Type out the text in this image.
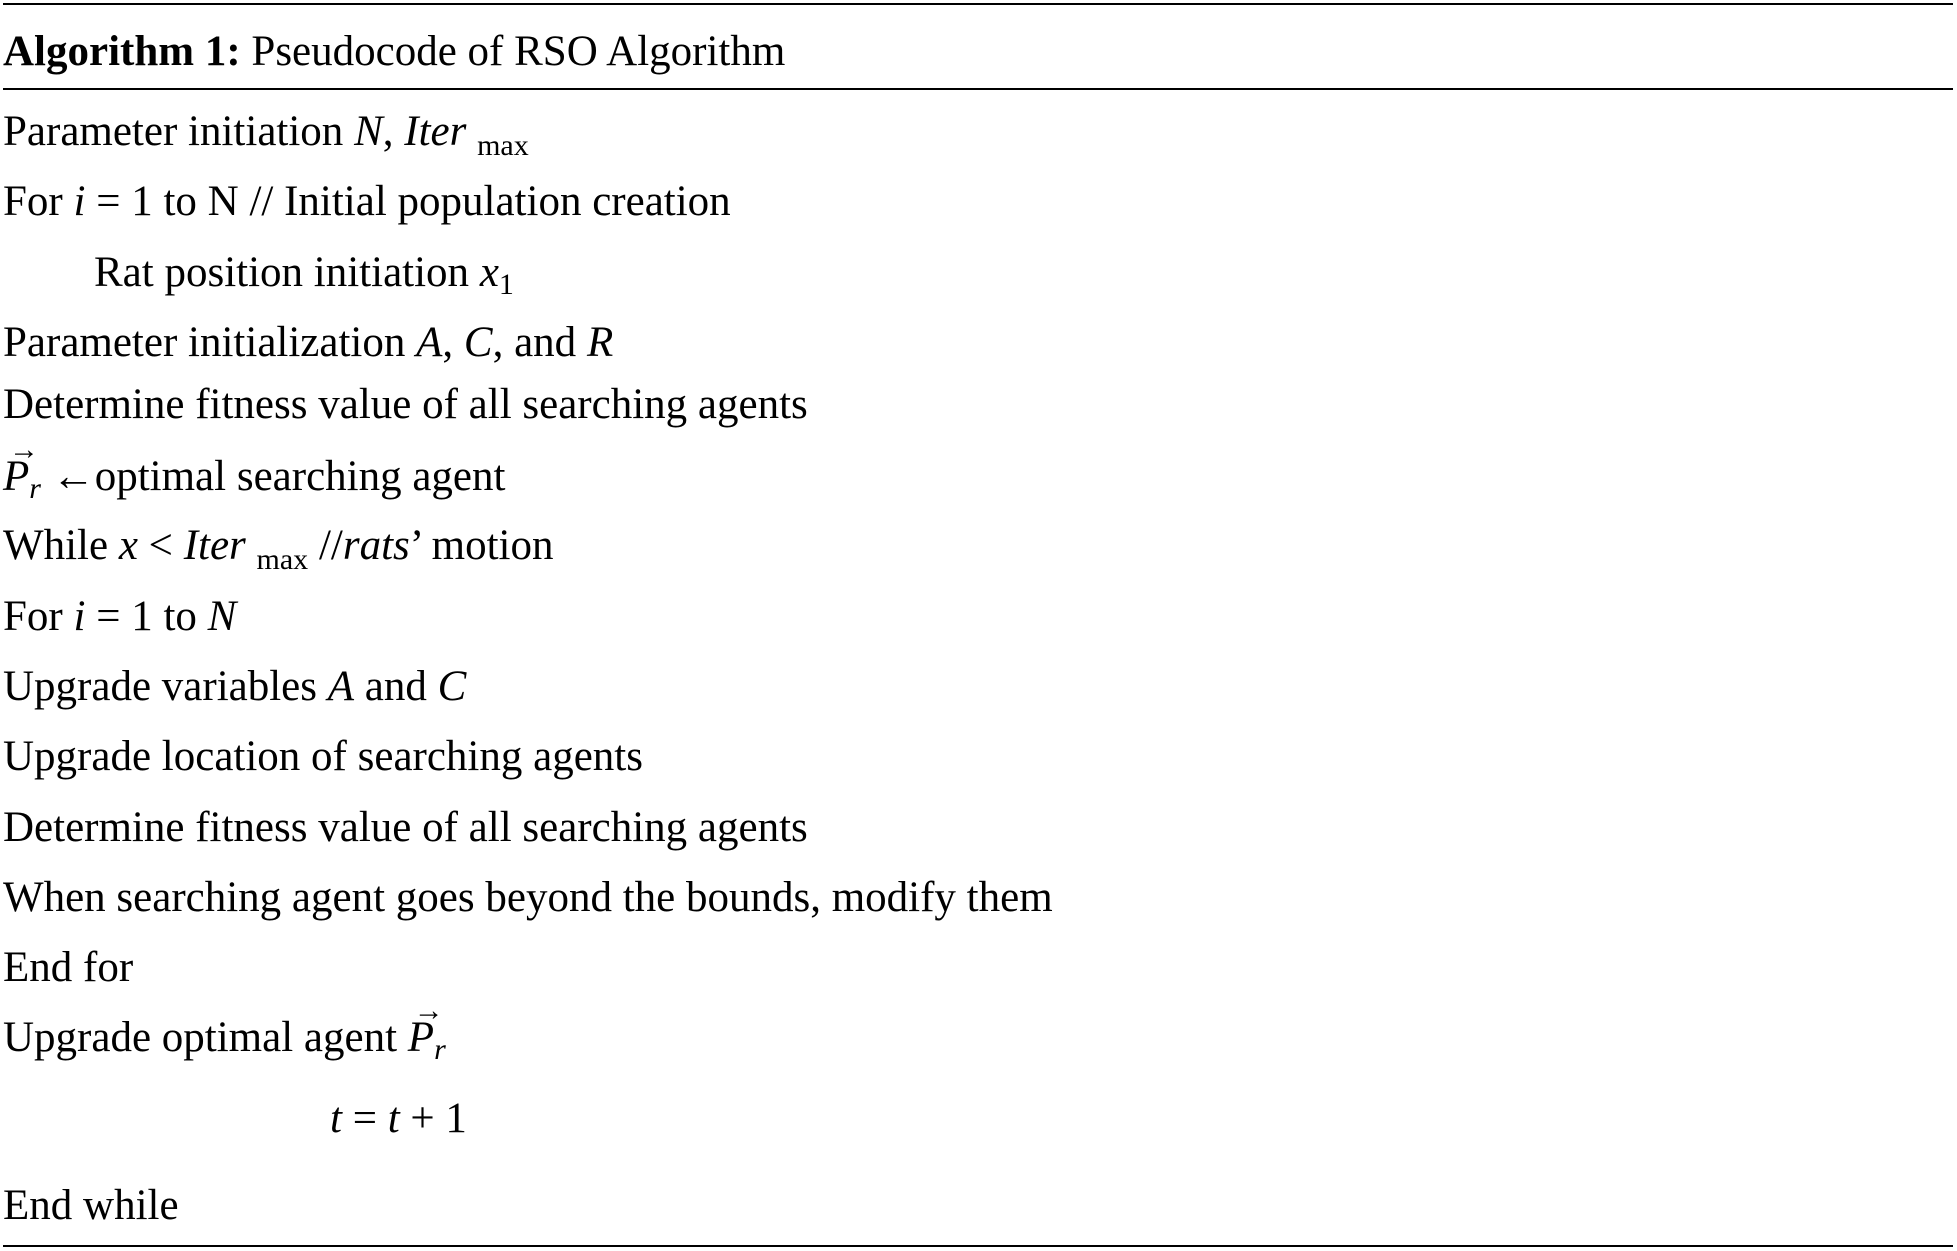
Algorithm 1: Pseudocode of RSO Algorithm
Parameter initiation N, Iter $_{max}$
For i = 1 to N // Initial population creation
Rat position initiation $x_1$
Parameter initialization A, C, and R
Determine fitness value of all searching agents
→
$P_r$ ←optimal searching agent
While x < Iter $_{max}$ //rats’ motion
For i = 1 to N
Upgrade variables A and C
Upgrade location of searching agents
Determine fitness value of all searching agents
When searching agent goes beyond the bounds, modify them
End for
Upgrade optimal agent
→
$P_r$
t = t + 1
End while
